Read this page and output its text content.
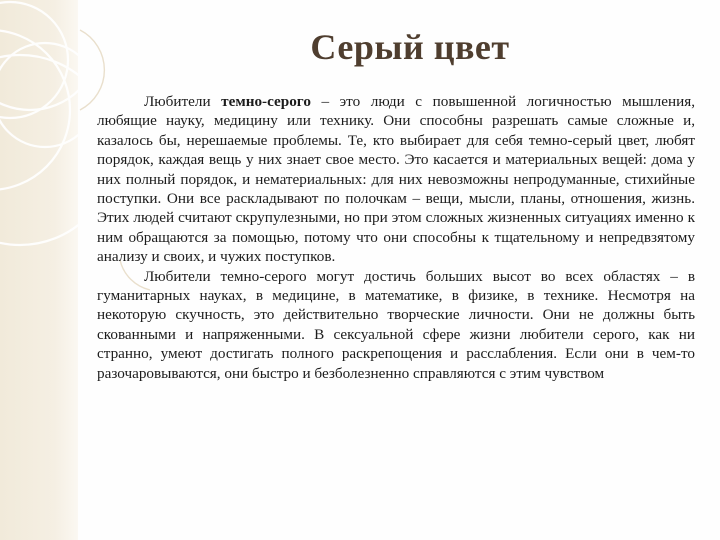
Серый цвет

Любители темно-серого – это люди с повышенной логичностью мышления, любящие науку, медицину или технику. Они способны разрешать самые сложные и, казалось бы, нерешаемые проблемы. Те, кто выбирает для себя темно-серый цвет, любят порядок, каждая вещь у них знает свое место. Это касается и материальных вещей: дома у них полный порядок, и нематериальных: для них невозможны непродуманные, стихийные поступки. Они все раскладывают по полочкам – вещи, мысли, планы, отношения, жизнь. Этих людей считают скрупулезными, но при этом сложных жизненных ситуациях именно к ним обращаются за помощью, потому что они способны к тщательному и непредвзятому анализу и своих, и чужих поступков.

Любители темно-серого могут достичь больших высот во всех областях – в гуманитарных науках, в медицине, в математике, в физике, в технике. Несмотря на некоторую скучность, это действительно творческие личности. Они не должны быть скованными и напряженными. В сексуальной сфере жизни любители серого, как ни странно, умеют достигать полного раскрепощения и расслабления. Если они в чем-то разочаровываются, они быстро и безболезненно справляются с этим чувством
